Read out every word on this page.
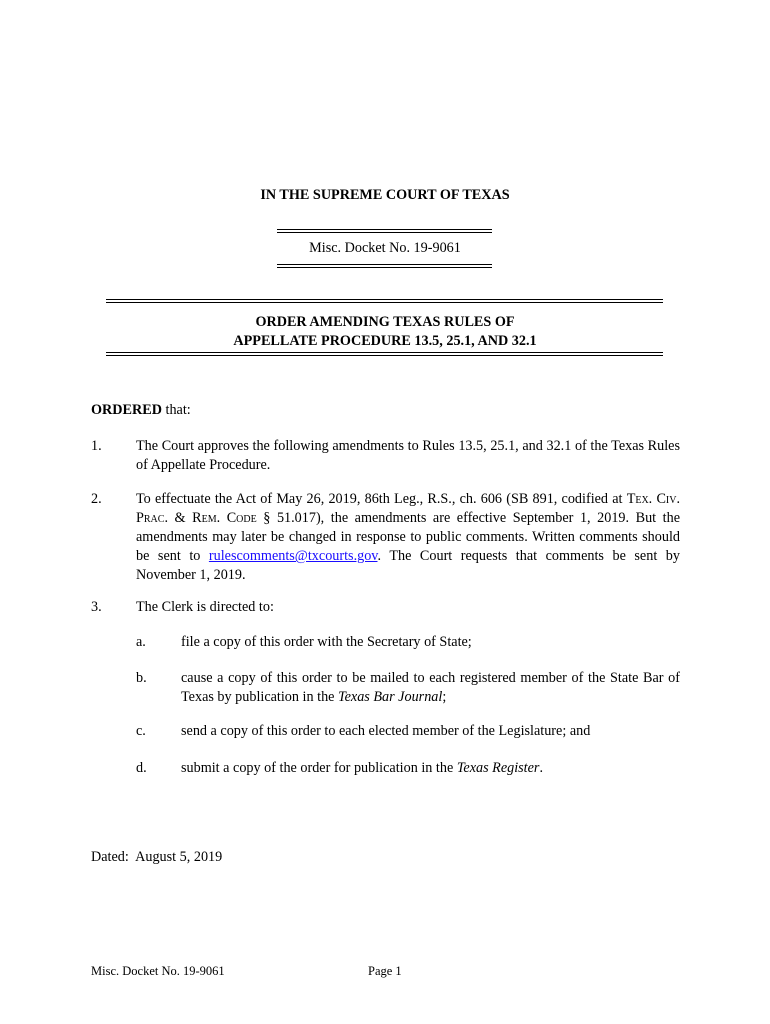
IN THE SUPREME COURT OF TEXAS
Misc. Docket No. 19-9061
ORDER AMENDING TEXAS RULES OF
APPELLATE PROCEDURE 13.5, 25.1, AND 32.1
ORDERED that:
1. The Court approves the following amendments to Rules 13.5, 25.1, and 32.1 of the Texas Rules of Appellate Procedure.

2. To effectuate the Act of May 26, 2019, 86th Leg., R.S., ch. 606 (SB 891, codified at Tex. Civ. Prac. & Rem. Code § 51.017), the amendments are effective September 1, 2019. But the amendments may later be changed in response to public comments. Written comments should be sent to rulescomments@txcourts.gov. The Court requests that comments be sent by November 1, 2019.

3. The Clerk is directed to:

a. file a copy of this order with the Secretary of State;

b. cause a copy of this order to be mailed to each registered member of the State Bar of Texas by publication in the Texas Bar Journal;

c. send a copy of this order to each elected member of the Legislature; and

d. submit a copy of the order for publication in the Texas Register.

Dated:  August 5, 2019
Misc. Docket No. 19-9061	Page 1
